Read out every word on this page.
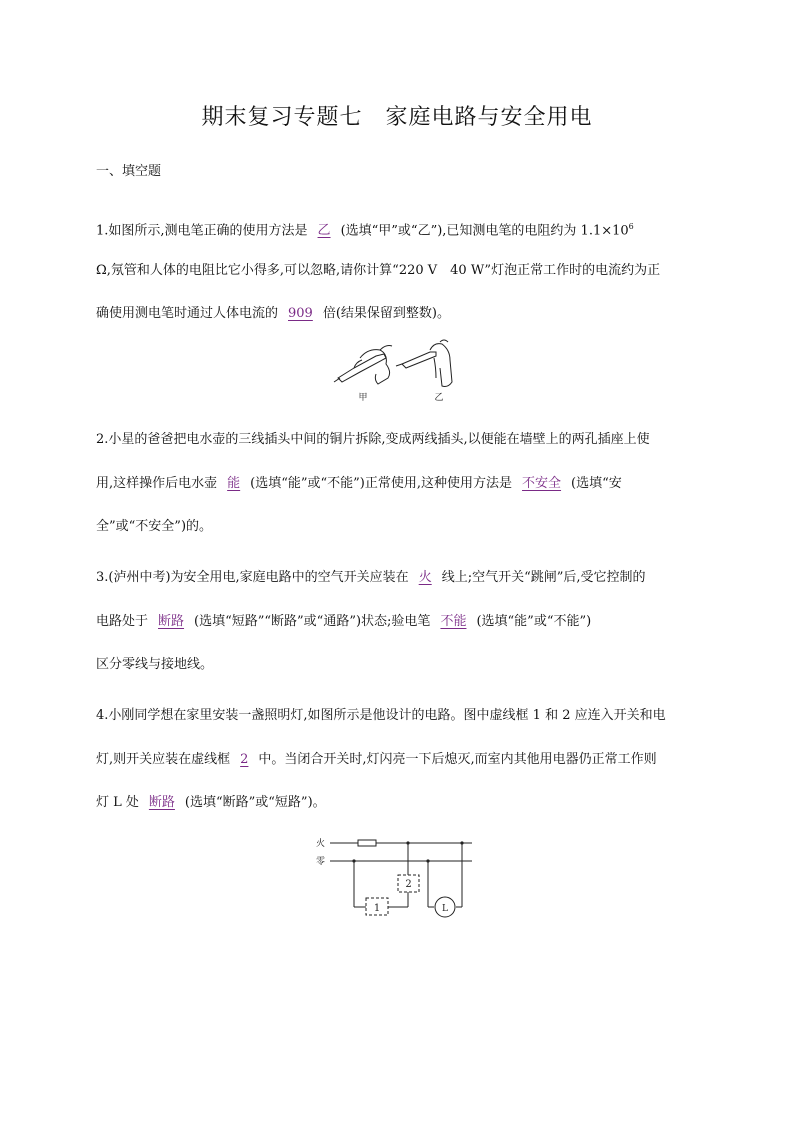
期末复习专题七　家庭电路与安全用电
一、填空题
1.如图所示,测电笔正确的使用方法是 乙 (选填“甲”或“乙”),已知测电笔的电阻约为 $1.1\times 10^6$
Ω,氖管和人体的电阻比它小得多,可以忽略,请你计算“220 V　40 W”灯泡正常工作时的电流约为正
确使用测电笔时通过人体电流的 909 倍(结果保留到整数)。
甲	乙
2.小星的爸爸把电水壶的三线插头中间的铜片拆除,变成两线插头,以便能在墙壁上的两孔插座上使
用,这样操作后电水壶 能 (选填“能”或“不能”)正常使用,这种使用方法是 不安全 (选填“安
全”或“不安全”)的。
3.(泸州中考)为安全用电,家庭电路中的空气开关应装在 火 线上;空气开关“跳闸”后,受它控制的
电路处于 断路 (选填“短路”“断路”或“通路”)状态;验电笔 不能 (选填“能”或“不能”)
区分零线与接地线。
4.小刚同学想在家里安装一盏照明灯,如图所示是他设计的电路。图中虚线框 1 和 2 应连入开关和电
灯,则开关应装在虚线框 2 中。当闭合开关时,灯闪亮一下后熄灭,而室内其他用电器仍正常工作则
灯 L 处 断路 (选填“断路”或“短路”)。
火
零
1
2
L
